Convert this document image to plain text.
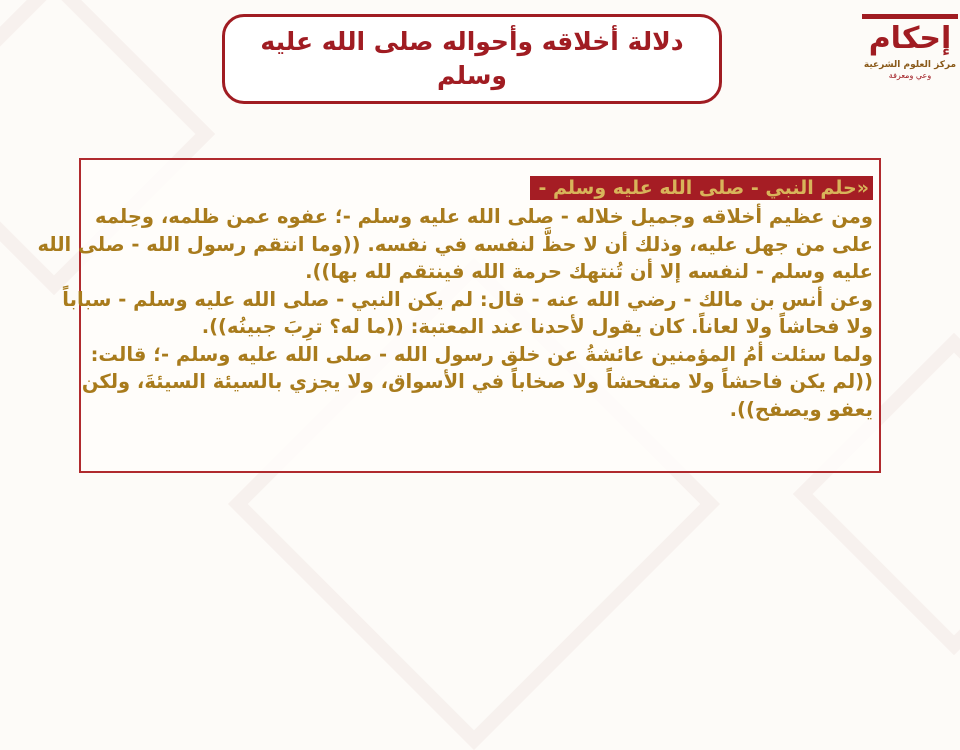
دلالة أخلاقه وأحواله صلى الله عليه وسلم
إحكام
مركز العلوم الشرعية
وعي ومعرفة
«حلم النبي - صلى الله عليه وسلم -
ومن عظيم أخلاقه وجميل خلاله - صلى الله عليه وسلم -؛ عفوه عمن ظلمه، وحِلمه
على من جهل عليه، وذلك أن لا حظَّ لنفسه في نفسه. ((وما انتقم رسول الله - صلى الله
عليه وسلم - لنفسه إلا أن تُنتهك حرمة الله فينتقم لله بها)).
وعن أنس بن مالك - رضي الله عنه - قال: لم يكن النبي - صلى الله عليه وسلم - سباباً
ولا فحاشاً ولا لعاناً. كان يقول لأحدنا عند المعتبة: ((ما له؟ ترِبَ جبينُه)).
ولما سئلت أمُ المؤمنين عائشةُ عن خلق رسول الله - صلى الله عليه وسلم -؛ قالت:
((لم يكن فاحشاً ولا متفحشاً ولا صخاباً في الأسواق، ولا يجزي بالسيئة السيئةَ، ولكن
يعفو ويصفح)).
